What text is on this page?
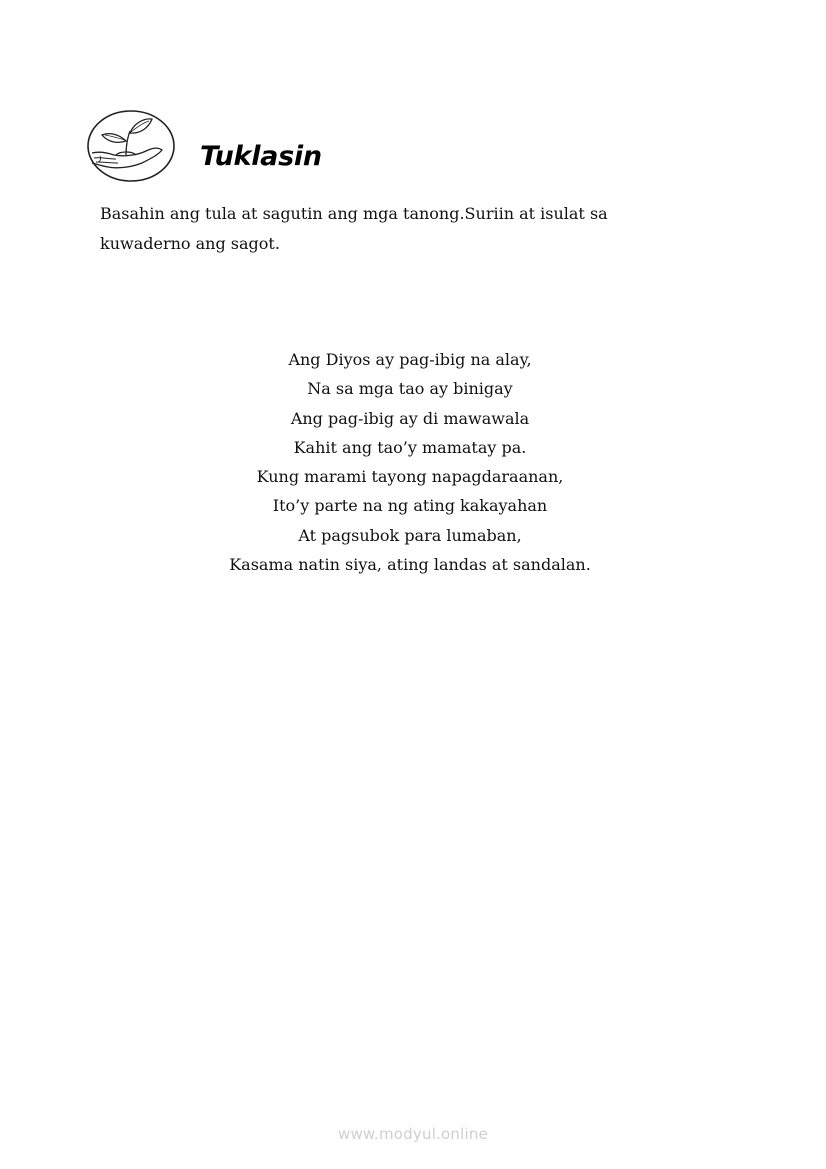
Tuklasin

Basahin ang tula at sagutin ang mga tanong.Suriin at isulat sa kuwaderno ang sagot.

Ang Diyos ay pag-ibig na alay,
Na sa mga tao ay binigay
Ang pag-ibig ay di mawawala
Kahit ang tao’y mamatay pa.
Kung marami tayong napagdaraanan,
Ito’y parte na ng ating kakayahan
At pagsubok para lumaban,
Kasama natin siya, ating landas at sandalan.
www.modyul.online
